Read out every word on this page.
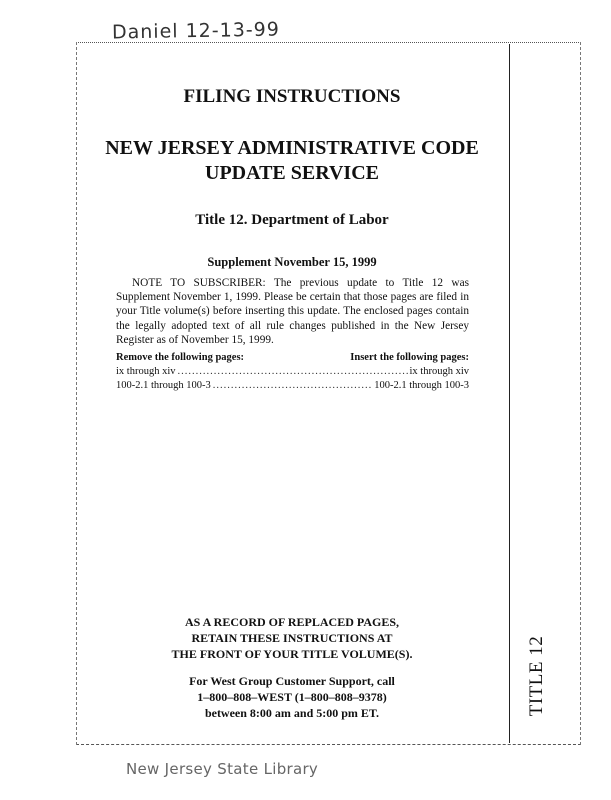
Daniel 12-13-99
TITLE 12
FILING INSTRUCTIONS
NEW JERSEY ADMINISTRATIVE CODE
UPDATE SERVICE
Title 12. Department of Labor
Supplement November 15, 1999
NOTE TO SUBSCRIBER: The previous update to Title 12 was Supplement November 1, 1999. Please be certain that those pages are filed in your Title volume(s) before inserting this update. The enclosed pages contain the legally adopted text of all rule changes published in the New Jersey Register as of November 15, 1999.
Remove the following pages:	Insert the following pages:
ix through xiv .....	ix through xiv
100-2.1 through 100-3 .....	100-2.1 through 100-3
AS A RECORD OF REPLACED PAGES,
RETAIN THESE INSTRUCTIONS AT
THE FRONT OF YOUR TITLE VOLUME(S).
For West Group Customer Support, call
1–800–808–WEST (1–800–808–9378)
between 8:00 am and 5:00 pm ET.
New Jersey State Library
